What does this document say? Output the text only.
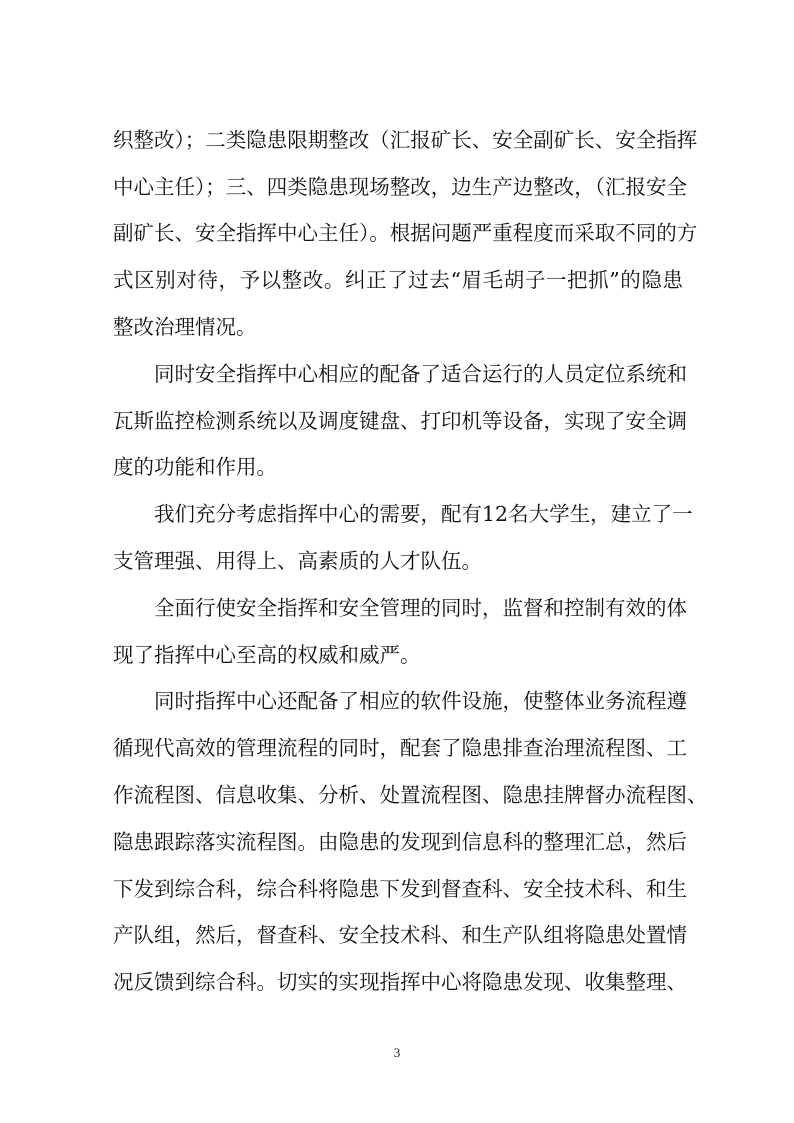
织整改）；二类隐患限期整改（汇报矿长、安全副矿长、安全指挥
中心主任）；三、四类隐患现场整改，边生产边整改，（汇报安全
副矿长、安全指挥中心主任）。根据问题严重程度而采取不同的方
式区别对待，予以整改。纠正了过去“眉毛胡子一把抓”的隐患
整改治理情况。
同时安全指挥中心相应的配备了适合运行的人员定位系统和
瓦斯监控检测系统以及调度键盘、打印机等设备，实现了安全调
度的功能和作用。
我们充分考虑指挥中心的需要，配有12名大学生，建立了一
支管理强、用得上、高素质的人才队伍。
全面行使安全指挥和安全管理的同时，监督和控制有效的体
现了指挥中心至高的权威和威严。
同时指挥中心还配备了相应的软件设施，使整体业务流程遵
循现代高效的管理流程的同时，配套了隐患排查治理流程图、工
作流程图、信息收集、分析、处置流程图、隐患挂牌督办流程图、
隐患跟踪落实流程图。由隐患的发现到信息科的整理汇总，然后
下发到综合科，综合科将隐患下发到督查科、安全技术科、和生
产队组，然后，督查科、安全技术科、和生产队组将隐患处置情
况反馈到综合科。切实的实现指挥中心将隐患发现、收集整理、
3
